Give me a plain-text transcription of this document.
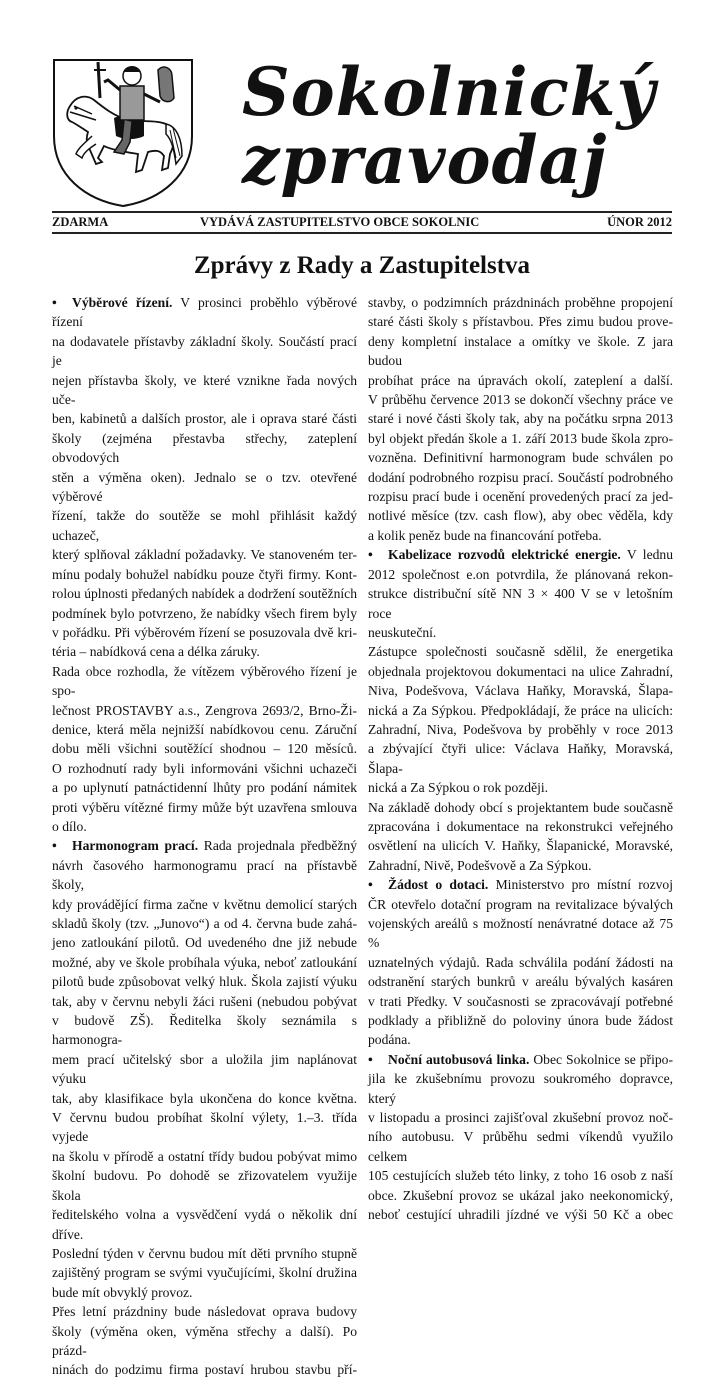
Sokolnický
zpravodaj
ZDARMA	VYDÁVÁ ZASTUPITELSTVO OBCE SOKOLNIC	ÚNOR 2012
Zprávy z Rady a Zastupitelstva
• Výběrové řízení. V prosinci proběhlo výběrové řízení
na dodavatele přístavby základní školy. Součástí prací je
nejen přístavba školy, ve které vznikne řada nových uče-
ben, kabinetů a dalších prostor, ale i oprava staré části
školy (zejména přestavba střechy, zateplení obvodových
stěn a výměna oken). Jednalo se o tzv. otevřené výběrové
řízení, takže do soutěže se mohl přihlásit každý uchazeč,
který splňoval základní požadavky. Ve stanoveném ter-
mínu podaly bohužel nabídku pouze čtyři firmy. Kont-
rolou úplnosti předaných nabídek a dodržení soutěžních
podmínek bylo potvrzeno, že nabídky všech firem byly
v pořádku. Při výběrovém řízení se posuzovala dvě kri-
téria – nabídková cena a délka záruky.
Rada obce rozhodla, že vítězem výběrového řízení je spo-
lečnost PROSTAVBY a.s., Zengrova 2693/2, Brno-Ži-
denice, která měla nejnižší nabídkovou cenu. Záruční
dobu měli všichni soutěžící shodnou – 120 měsíců.
O rozhodnutí rady byli informováni všichni uchazeči
a po uplynutí patnáctidenní lhůty pro podání námitek
proti výběru vítězné firmy může být uzavřena smlouva
o dílo.
• Harmonogram prací. Rada projednala předběžný
návrh časového harmonogramu prací na přístavbě školy,
kdy provádějící firma začne v květnu demolicí starých
skladů školy (tzv. „Junovo“) a od 4. června bude zahá-
jeno zatloukání pilotů. Od uvedeného dne již nebude
možné, aby ve škole probíhala výuka, neboť zatloukání
pilotů bude způsobovat velký hluk. Škola zajistí výuku
tak, aby v červnu nebyli žáci rušeni (nebudou pobývat
v budově ZŠ). Ředitelka školy seznámila s harmonogra-
mem prací učitelský sbor a uložila jim naplánovat výuku
tak, aby klasifikace byla ukončena do konce května.
V červnu budou probíhat školní výlety, 1.–3. třída vyjede
na školu v přírodě a ostatní třídy budou pobývat mimo
školní budovu. Po dohodě se zřizovatelem využije škola
ředitelského volna a vysvědčení vydá o několik dní dříve.
Poslední týden v červnu budou mít děti prvního stupně
zajištěný program se svými vyučujícími, školní družina
bude mít obvyklý provoz.
Přes letní prázdniny bude následovat oprava budovy
školy (výměna oken, výměna střechy a další). Po prázd-
ninách do podzimu firma postaví hrubou stavbu pří-
stavby, o podzimních prázdninách proběhne propojení
staré části školy s přístavbou. Přes zimu budou prove-
deny kompletní instalace a omítky ve škole. Z jara budou
probíhat práce na úpravách okolí, zateplení a další.
V průběhu července 2013 se dokončí všechny práce ve
staré i nové části školy tak, aby na počátku srpna 2013
byl objekt předán škole a 1. září 2013 bude škola zpro-
vozněna. Definitivní harmonogram bude schválen po
dodání podrobného rozpisu prací. Součástí podrobného
rozpisu prací bude i ocenění provedených prací za jed-
notlivé měsíce (tzv. cash flow), aby obec věděla, kdy
a kolik peněz bude na financování potřeba.
• Kabelizace rozvodů elektrické energie. V lednu
2012 společnost e.on potvrdila, že plánovaná rekon-
strukce distribuční sítě NN 3 × 400 V se v letošním roce
neuskuteční.
Zástupce společnosti současně sdělil, že energetika
objednala projektovou dokumentaci na ulice Zahradní,
Niva, Podešvova, Václava Haňky, Moravská, Šlapa-
nická a Za Sýpkou. Předpokládají, že práce na ulicích:
Zahradní, Niva, Podešvova by proběhly v roce 2013
a zbývající čtyři ulice: Václava Haňky, Moravská, Šlapa-
nická a Za Sýpkou o rok později.
Na základě dohody obcí s projektantem bude současně
zpracována i dokumentace na rekonstrukci veřejného
osvětlení na ulicích V. Haňky, Šlapanické, Moravské,
Zahradní, Nivě, Podešvově a Za Sýpkou.
• Žádost o dotaci. Ministerstvo pro místní rozvoj
ČR otevřelo dotační program na revitalizace bývalých
vojenských areálů s možností nenávratné dotace až 75 %
uznatelných výdajů. Rada schválila podání žádosti na
odstranění starých bunkrů v areálu bývalých kasáren
v trati Předky. V současnosti se zpracovávají potřebné
podklady a přibližně do poloviny února bude žádost
podána.
• Noční autobusová linka. Obec Sokolnice se připo-
jila ke zkušebnímu provozu soukromého dopravce, který
v listopadu a prosinci zajišťoval zkušební provoz noč-
ního autobusu. V průběhu sedmi víkendů využilo celkem
105 cestujících služeb této linky, z toho 16 osob z naší
obce. Zkušební provoz se ukázal jako neekonomický,
neboť cestující uhradili jízdné ve výši 50 Kč a obec
